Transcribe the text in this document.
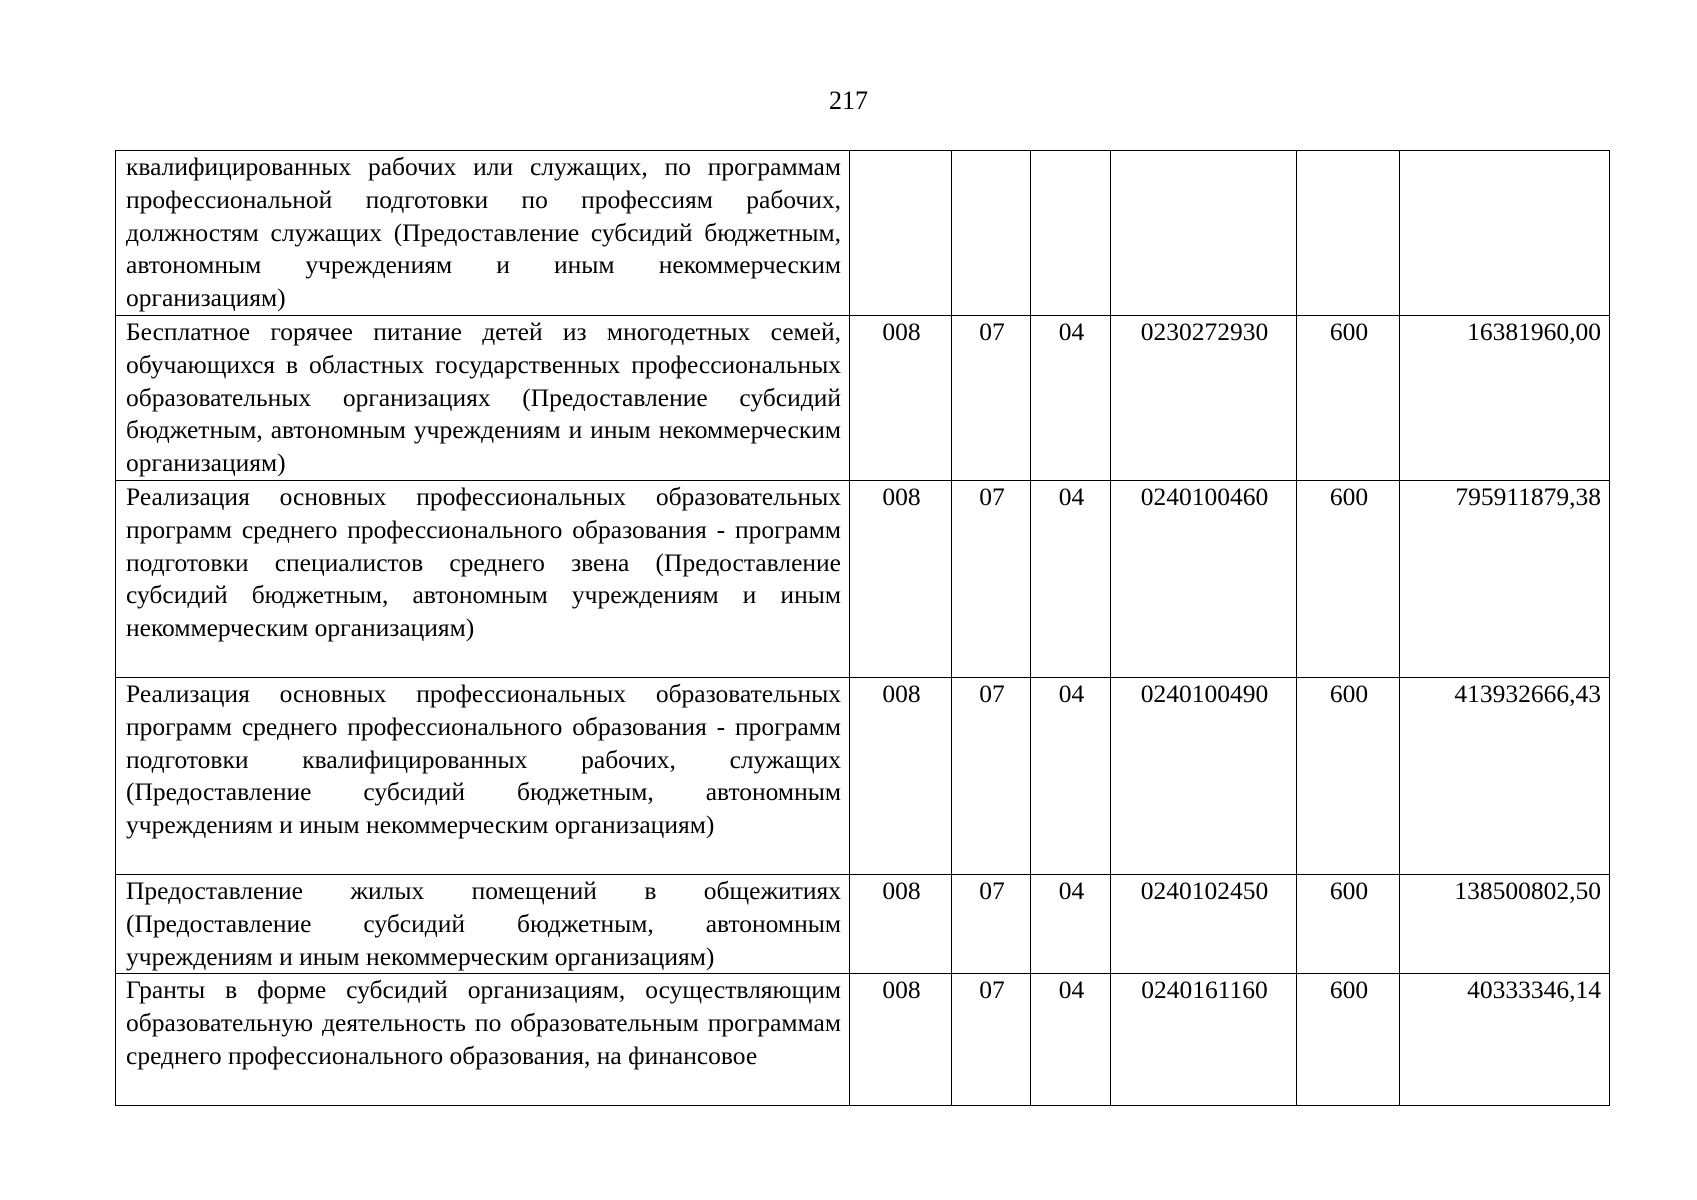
217
квалифицированных рабочих или служащих, по программам профессиональной подготовки по профессиям рабочих, должностям служащих (Предоставление субсидий бюджетным, автономным учреждениям и иным некоммерческим организациям)						

Бесплатное горячее питание детей из многодетных семей, обучающихся в областных государственных профессиональных образовательных организациях (Предоставление субсидий бюджетным, автономным учреждениям и иным некоммерческим организациям)	008	07	04	0230272930	600	16381960,00

Реализация основных профессиональных образовательных программ среднего профессионального образования - программ подготовки специалистов среднего звена (Предоставление субсидий бюджетным, автономным учреждениям и иным некоммерческим организациям)	008	07	04	0240100460	600	795911879,38

Реализация основных профессиональных образовательных программ среднего профессионального образования - программ подготовки квалифицированных рабочих, служащих (Предоставление субсидий бюджетным, автономным учреждениям и иным некоммерческим организациям)	008	07	04	0240100490	600	413932666,43

Предоставление жилых помещений в общежитиях (Предоставление субсидий бюджетным, автономным учреждениям и иным некоммерческим организациям)	008	07	04	0240102450	600	138500802,50

Гранты в форме субсидий организациям, осуществляющим образовательную деятельность по образовательным программам среднего профессионального образования, на финансовое	008	07	04	0240161160	600	40333346,14
